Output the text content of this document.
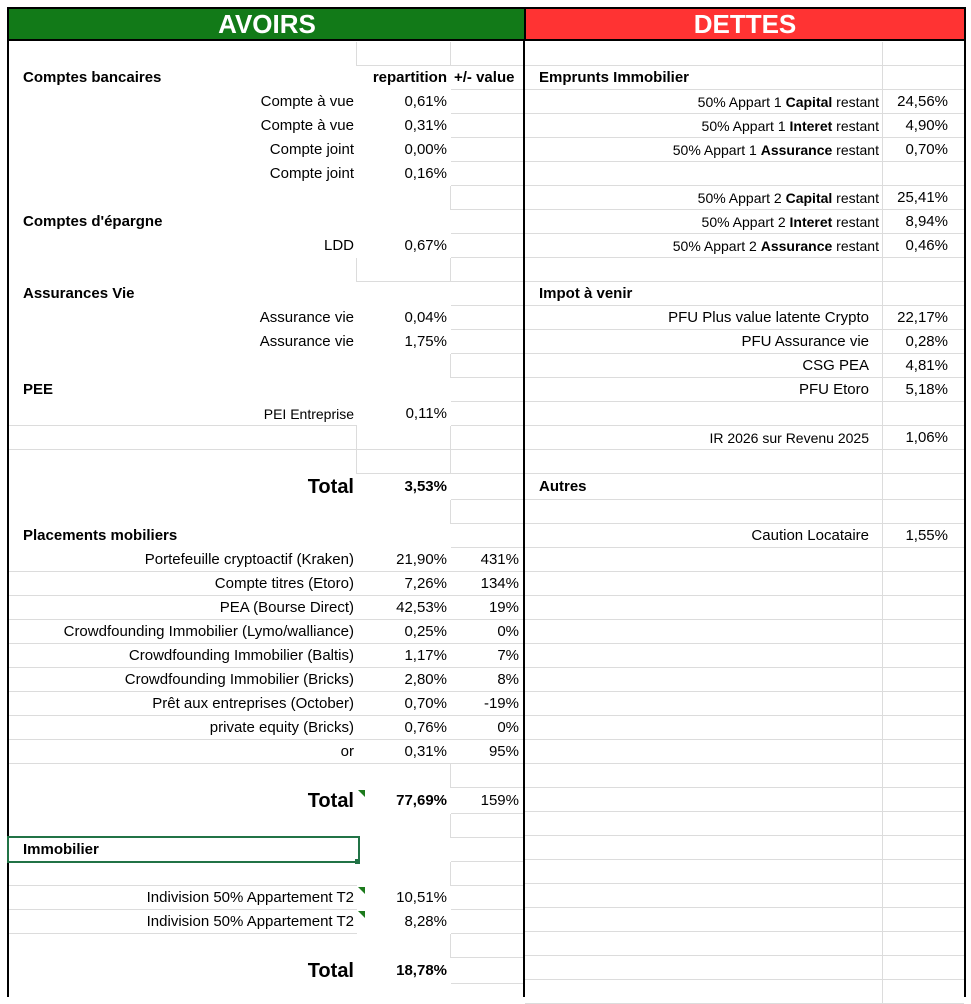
AVOIRS	DETTES
Comptes bancaires	repartition +/- value
Compte à vue	0,61%
Compte à vue	0,31%
Compte joint	0,00%
Compte joint	0,16%
Comptes d'épargne
LDD	0,67%
Assurances Vie
Assurance vie	0,04%
Assurance vie	1,75%
PEE
PEI Entreprise	0,11%
Total	3,53%
Placements mobiliers
Portefeuille cryptoactif (Kraken)	21,90%	431%
Compte titres (Etoro)	7,26%	134%
PEA (Bourse Direct)	42,53%	19%
Crowdfounding Immobilier (Lymo/walliance)	0,25%	0%
Crowdfounding Immobilier (Baltis)	1,17%	7%
Crowdfounding Immobilier (Bricks)	2,80%	8%
Prêt aux entreprises (October)	0,70%	-19%
private equity (Bricks)	0,76%	0%
or	0,31%	95%
Total	77,69%	159%
Immobilier
Indivision 50% Appartement T2	10,51%
Indivision 50% Appartement T2	8,28%
Total	18,78%
Emprunts Immobilier
50% Appart 1 Capital restant	24,56%
50% Appart 1 Interet restant	4,90%
50% Appart 1 Assurance restant	0,70%
50% Appart 2 Capital restant	25,41%
50% Appart 2 Interet restant	8,94%
50% Appart 2 Assurance restant	0,46%
Impot à venir
PFU Plus value latente Crypto	22,17%
PFU Assurance vie	0,28%
CSG PEA	4,81%
PFU Etoro	5,18%
IR 2026 sur Revenu 2025	1,06%
Autres
Caution Locataire	1,55%
